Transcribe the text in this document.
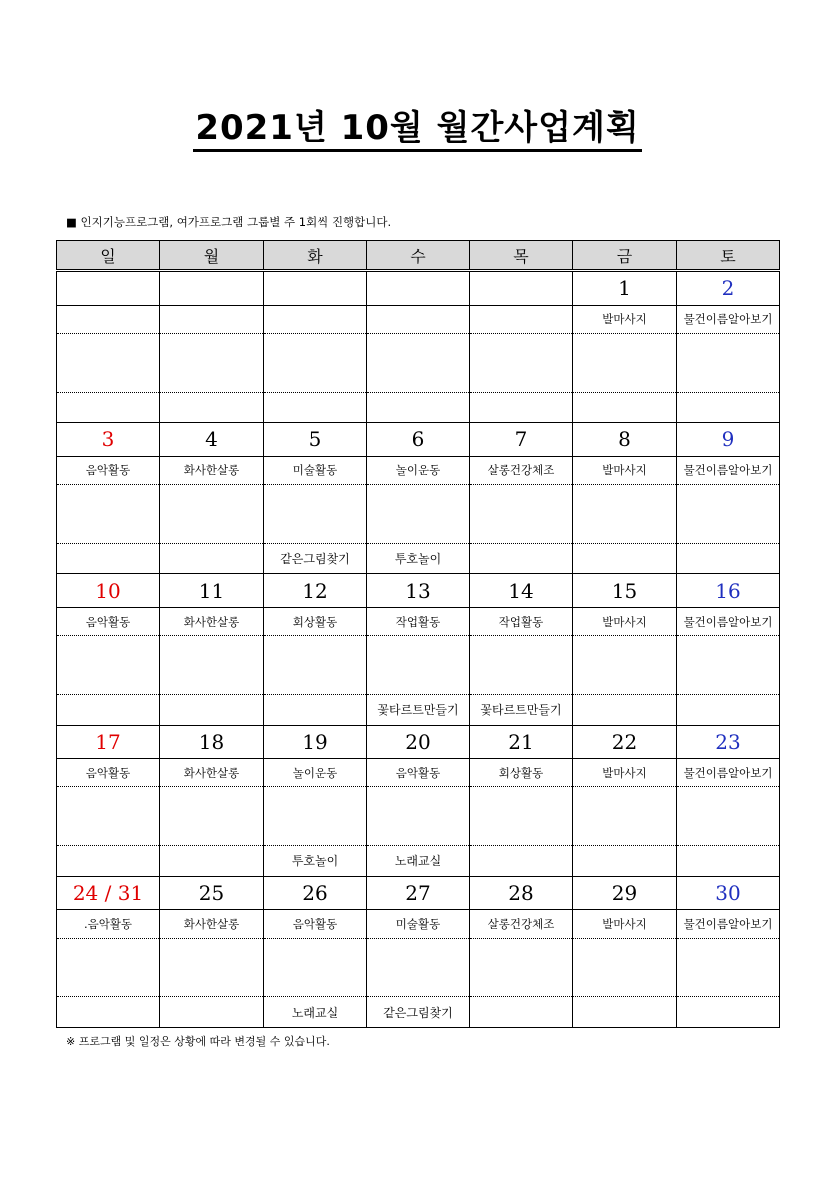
2021년 10월 월간사업계획
■ 인지기능프로그램, 여가프로그램 그룹별 주 1회씩 진행합니다.
일	월	화	수	목	금	토
					1	2
					발마사지	물건이름알아보기

3	4	5	6	7	8	9
음악활동	화사한살롱	미술활동	놀이운동	살롱건강체조	발마사지	물건이름알아보기

		같은그림찾기	투호놀이			
10	11	12	13	14	15	16
음악활동	화사한살롱	회상활동	작업활동	작업활동	발마사지	물건이름알아보기

			꽃타르트만들기	꽃타르트만들기		
17	18	19	20	21	22	23
음악활동	화사한살롱	놀이운동	음악활동	회상활동	발마사지	물건이름알아보기

		투호놀이	노래교실			
24 / 31	25	26	27	28	29	30
.음악활동	화사한살롱	음악활동	미술활동	살롱건강체조	발마사지	물건이름알아보기

		노래교실	같은그림찾기			
※ 프로그램 및 일정은 상황에 따라 변경될 수 있습니다.
